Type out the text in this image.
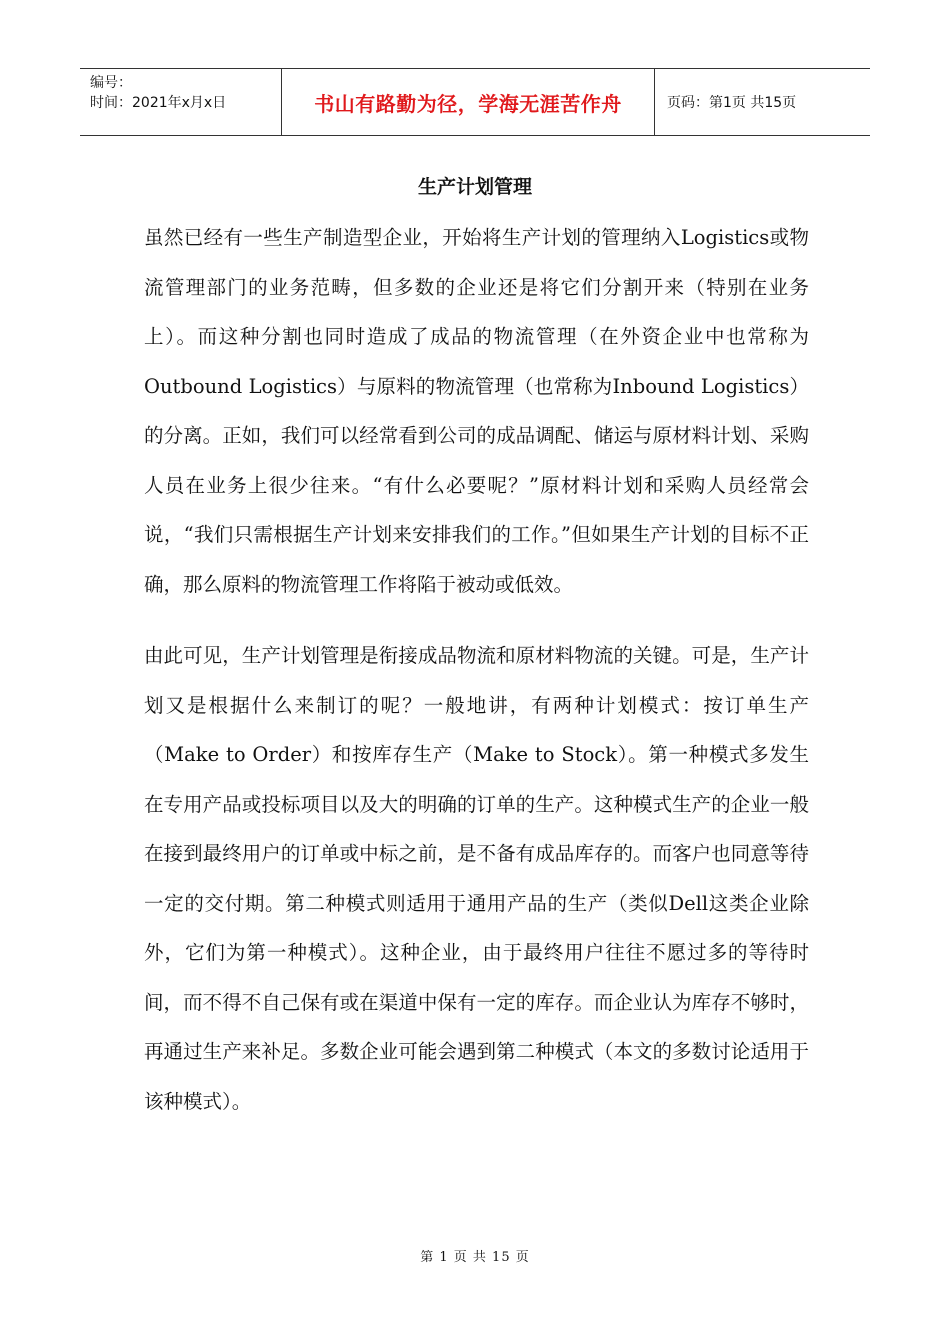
编号：
时间：2021年x月x日	书山有路勤为径，学海无涯苦作舟	页码：第1页 共15页
生产计划管理

虽然已经有一些生产制造型企业，开始将生产计划的管理纳入Logistics或物流管理部门的业务范畴，但多数的企业还是将它们分割开来（特别在业务上）。而这种分割也同时造成了成品的物流管理（在外资企业中也常称为Outbound Logistics）与原料的物流管理（也常称为Inbound Logistics）的分离。正如，我们可以经常看到公司的成品调配、储运与原材料计划、采购人员在业务上很少往来。“有什么必要呢？”原材料计划和采购人员经常会说，“我们只需根据生产计划来安排我们的工作。”但如果生产计划的目标不正确，那么原料的物流管理工作将陷于被动或低效。

由此可见，生产计划管理是衔接成品物流和原材料物流的关键。可是，生产计划又是根据什么来制订的呢？一般地讲，有两种计划模式：按订单生产（Make to Order）和按库存生产（Make to Stock）。第一种模式多发生在专用产品或投标项目以及大的明确的订单的生产。这种模式生产的企业一般在接到最终用户的订单或中标之前，是不备有成品库存的。而客户也同意等待一定的交付期。第二种模式则适用于通用产品的生产（类似Dell这类企业除外，它们为第一种模式）。这种企业，由于最终用户往往不愿过多的等待时间，而不得不自己保有或在渠道中保有一定的库存。而企业认为库存不够时，再通过生产来补足。多数企业可能会遇到第二种模式（本文的多数讨论适用于该种模式）。

第 1 页 共 15 页
